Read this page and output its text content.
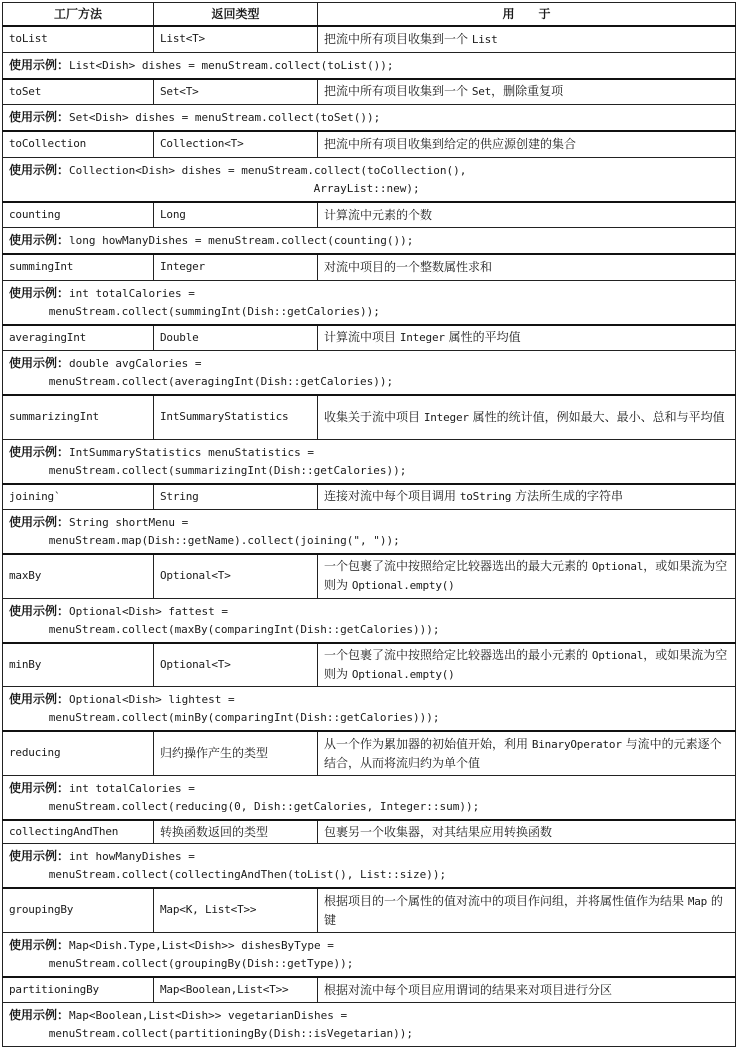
工厂方法	返回类型	用　　于
toList	List<T>	把流中所有项目收集到一个 List
使用示例：List<Dish> dishes = menuStream.collect(toList());		
toSet	Set<T>	把流中所有项目收集到一个 Set，删除重复项
使用示例：Set<Dish> dishes = menuStream.collect(toSet());		
toCollection	Collection<T>	把流中所有项目收集到给定的供应源创建的集合
使用示例：Collection<Dish> dishes = menuStream.collect(toCollection(),
ArrayList::new);		
counting	Long	计算流中元素的个数
使用示例：long howManyDishes = menuStream.collect(counting());		
summingInt	Integer	对流中项目的一个整数属性求和
使用示例：int totalCalories =
menuStream.collect(summingInt(Dish::getCalories));		
averagingInt	Double	计算流中项目 Integer 属性的平均值
使用示例：double avgCalories =
menuStream.collect(averagingInt(Dish::getCalories));		
summarizingInt	IntSummaryStatistics	收集关于流中项目 Integer 属性的统计值，例如最大、最小、总和与平均值
使用示例：IntSummaryStatistics menuStatistics =
menuStream.collect(summarizingInt(Dish::getCalories));		
joining`	String	连接对流中每个项目调用 toString 方法所生成的字符串
使用示例：String shortMenu =
menuStream.map(Dish::getName).collect(joining(", "));		
maxBy	Optional<T>	一个包裹了流中按照给定比较器选出的最大元素的 Optional，或如果流为空则为 Optional.empty()
使用示例：Optional<Dish> fattest =
menuStream.collect(maxBy(comparingInt(Dish::getCalories)));		
minBy	Optional<T>	一个包裹了流中按照给定比较器选出的最小元素的 Optional，或如果流为空则为 Optional.empty()
使用示例：Optional<Dish> lightest =
menuStream.collect(minBy(comparingInt(Dish::getCalories)));		
reducing	归约操作产生的类型	从一个作为累加器的初始值开始，利用 BinaryOperator 与流中的元素逐个结合，从而将流归约为单个值
使用示例：int totalCalories =
menuStream.collect(reducing(0, Dish::getCalories, Integer::sum));		
collectingAndThen	转换函数返回的类型	包裹另一个收集器，对其结果应用转换函数
使用示例：int howManyDishes =
menuStream.collect(collectingAndThen(toList(), List::size));		
groupingBy	Map<K, List<T>>	根据项目的一个属性的值对流中的项目作问组，并将属性值作为结果 Map 的键
使用示例：Map<Dish.Type,List<Dish>> dishesByType =
menuStream.collect(groupingBy(Dish::getType));		
partitioningBy	Map<Boolean,List<T>>	根据对流中每个项目应用谓词的结果来对项目进行分区
使用示例：Map<Boolean,List<Dish>> vegetarianDishes =
menuStream.collect(partitioningBy(Dish::isVegetarian));		
